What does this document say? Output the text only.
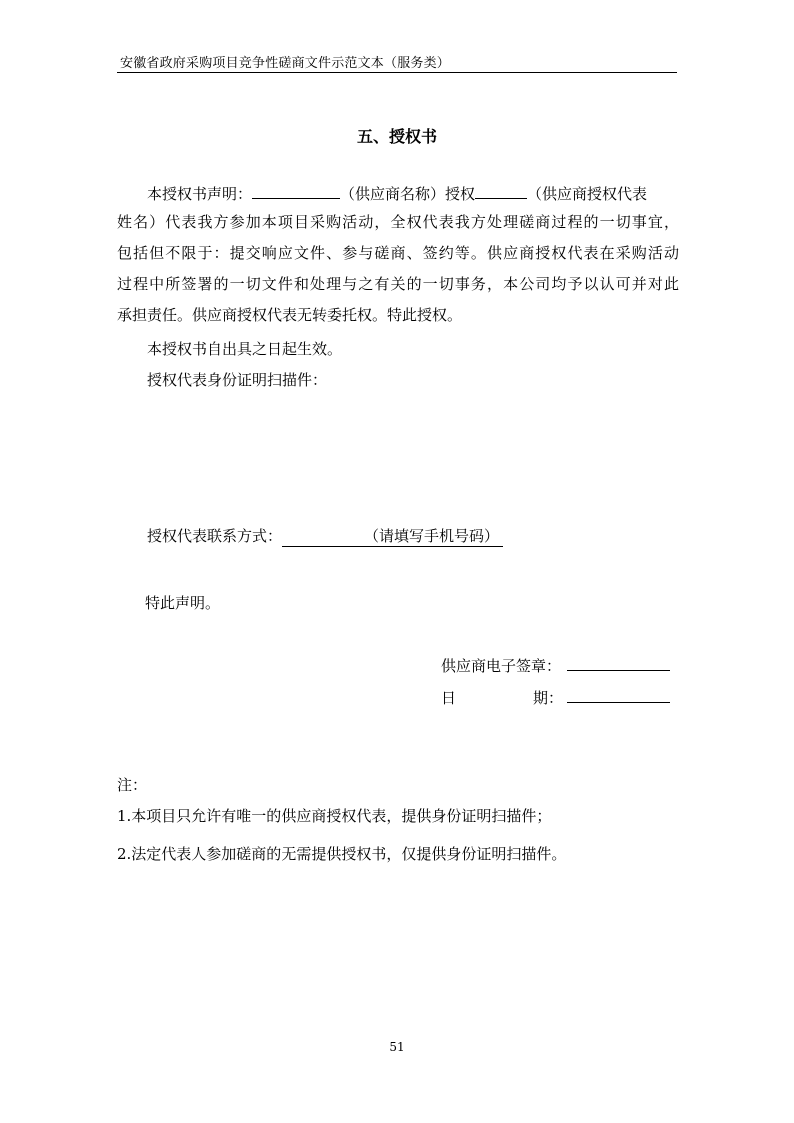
安徽省政府采购项目竞争性磋商文件示范文本（服务类）
五、授权书
本授权书声明：	（供应商名称）授权	（供应商授权代表
姓名）代表我方参加本项目采购活动，全权代表我方处理磋商过程的一切事宜，
包括但不限于：提交响应文件、参与磋商、签约等。供应商授权代表在采购活动
过程中所签署的一切文件和处理与之有关的一切事务，本公司均予以认可并对此
承担责任。供应商授权代表无转委托权。特此授权。
本授权书自出具之日起生效。
授权代表身份证明扫描件：
授权代表联系方式：	（请填写手机号码）
特此声明。
供应商电子签章：
日	期：
注：
1.本项目只允许有唯一的供应商授权代表，提供身份证明扫描件；
2.法定代表人参加磋商的无需提供授权书，仅提供身份证明扫描件。
51
